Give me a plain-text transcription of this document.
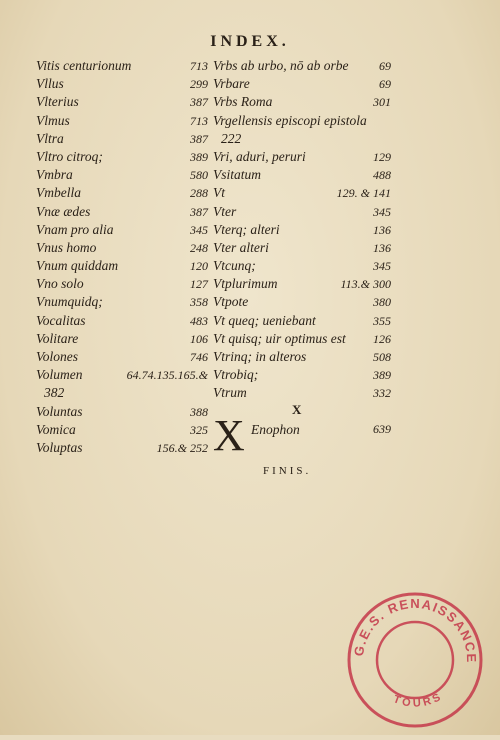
INDEX.
Vitis centurionum	713
Vllus	299
Vlterius	387
Vlmus	713
Vltra	387
Vltro citroq;	389
Vmbra	580
Vmbella	288
Vnæ ædes	387
Vnam pro alia	345
Vnus homo	248
Vnum quiddam	120
Vno solo	127
Vnumquidq;	358
Vocalitas	483
Volitare	106
Volones	746
Volumen	64.74.135.165.&
382
Voluntas	388
Vomica	325
Voluptas	156.& 252
Vrbs ab urbo, nō ab orbe	69
Vrbare	69
Vrbs Roma	301
Vrgellensis episcopi epistola
222
Vri, aduri, peruri	129
Vsitatum	488
Vt	129. & 141
Vter	345
Vterq; alteri	136
Vter alteri	136
Vtcunq;	345
Vtplurimum	113.& 300
Vtpote	380
Vt queq; ueniebant	355
Vt quisq; uir optimus est 126
Vtrinq; in alteros	508
Vtrobiq;	389
Vtrum	332
X
X Enophon	639
FINIS.
G.E.S. RENAISSANCE
TOURS
